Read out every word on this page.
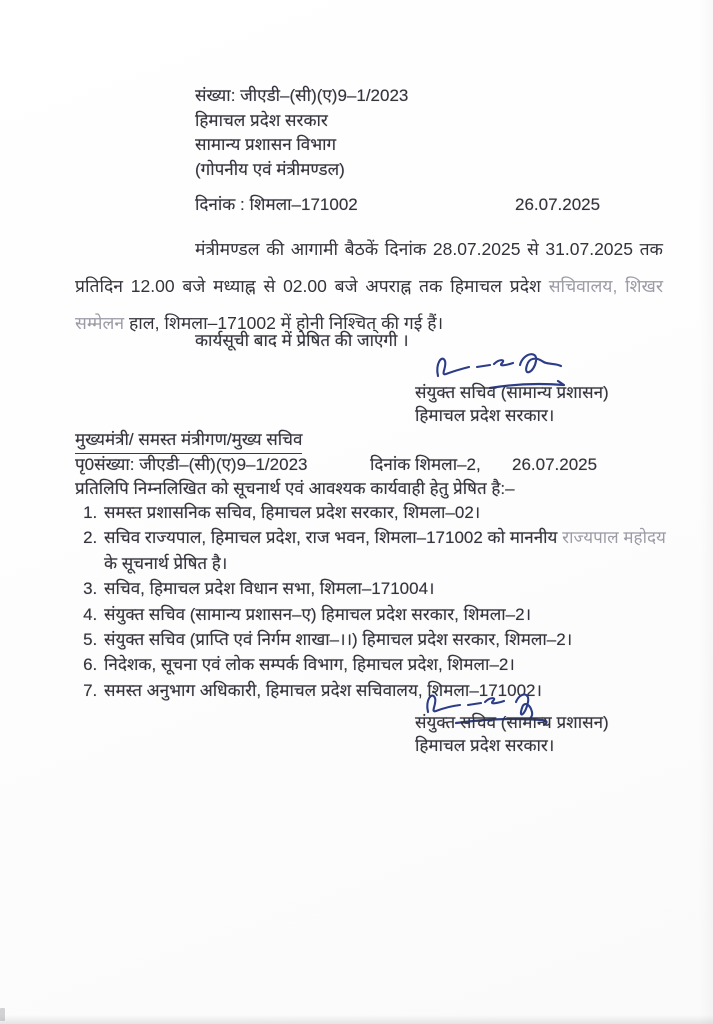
संख्या: जीएडी–(सी)(ए)9–1/2023
हिमाचल प्रदेश सरकार
सामान्य प्रशासन विभाग
(गोपनीय एवं मंत्रीमण्डल)
दिनांक : शिमला–171002	26.07.2025

मंत्रीमण्डल की आगामी बैठकें दिनांक 28.07.2025 से 31.07.2025 तक प्रतिदिन 12.00 बजे मध्याह्न से 02.00 बजे अपराह्न तक हिमाचल प्रदेश सचिवालय, शिखर सम्मेलन हाल, शिमला–171002 में होनी निश्चित् की गई हैं।

कार्यसूची बाद में प्रेषित की जाएगी ।
संयुक्त सचिव (सामान्य प्रशासन)
हिमाचल प्रदेश सरकार।
मुख्यमंत्री/ समस्त मंत्रीगण/मुख्य सचिव
पृ0संख्या: जीएडी–(सी)(ए)9–1/2023	दिनांक शिमला–2, 26.07.2025
प्रतिलिपि निम्नलिखित को सूचनार्थ एवं आवश्यक कार्यवाही हेतु प्रेषित है:–
1. समस्त प्रशासनिक सचिव, हिमाचल प्रदेश सरकार, शिमला–02।
2. सचिव राज्यपाल, हिमाचल प्रदेश, राज भवन, शिमला–171002 को माननीय राज्यपाल महोदय के सूचनार्थ प्रेषित है।
3. सचिव, हिमाचल प्रदेश विधान सभा, शिमला–171004।
4. संयुक्त सचिव (सामान्य प्रशासन–ए) हिमाचल प्रदेश सरकार, शिमला–2।
5. संयुक्त सचिव (प्राप्ति एवं निर्गम शाखा–।।) हिमाचल प्रदेश सरकार, शिमला–2।
6. निदेशक, सूचना एवं लोक सम्पर्क विभाग, हिमाचल प्रदेश, शिमला–2।
7. समस्त अनुभाग अधिकारी, हिमाचल प्रदेश सचिवालय, शिमला–171002।
संयुक्त सचिव (सामान्य प्रशासन)
हिमाचल प्रदेश सरकार।
